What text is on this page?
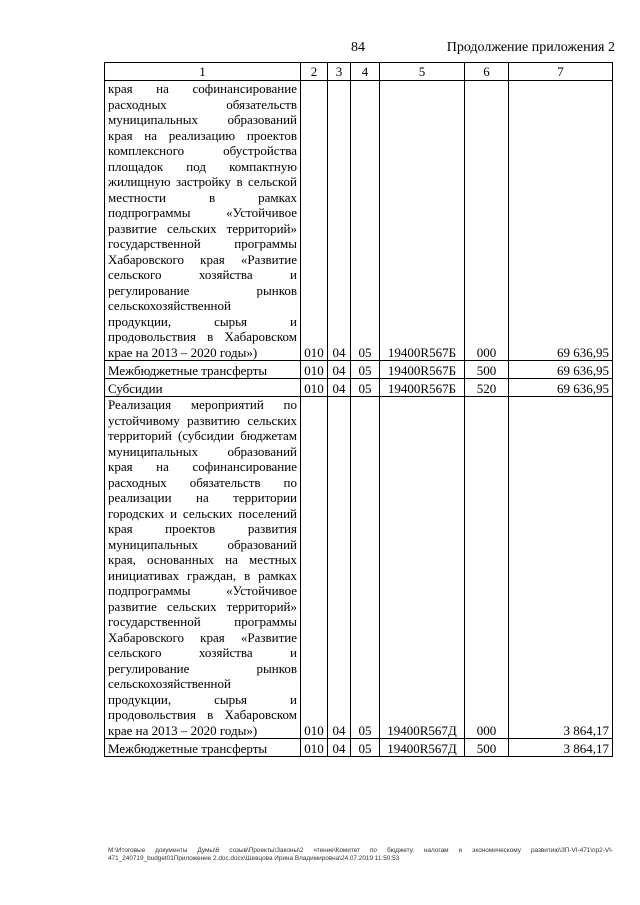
84	Продолжение приложения 2
1	2	3	4	5	6	7
края на софинансирование расходных обязательств муниципальных образований края на реализацию проектов комплексного обустройства площадок под компактную жилищную застройку в сельской местности в рамках подпрограммы «Устойчивое развитие сельских территорий» государственной программы Хабаровского края «Развитие сельского хозяйства и регулирование рынков сельскохозяйственной продукции, сырья и продовольствия в Хабаровском крае на 2013 – 2020 годы»)	010	04	05	19400R567Б	000	69 636,95
Межбюджетные трансферты	010	04	05	19400R567Б	500	69 636,95
Субсидии	010	04	05	19400R567Б	520	69 636,95
Реализация мероприятий по устойчивому развитию сельских территорий (субсидии бюджетам муниципальных образований края на софинансирование расходных обязательств по реализации на территории городских и сельских поселений края проектов развития муниципальных образований края, основанных на местных инициативах граждан, в рамках подпрограммы «Устойчивое развитие сельских территорий» государственной программы Хабаровского края «Развитие сельского хозяйства и регулирование рынков сельскохозяйственной продукции, сырья и продовольствия в Хабаровском крае на 2013 – 2020 годы»)	010	04	05	19400R567Д	000	3 864,17
Межбюджетные трансферты	010	04	05	19400R567Д	500	3 864,17
М:\Итоговые документы Думы\6 созыв\Проекты\Законы\2 чтение\Комитет по бюджету, налогам и экономическому развитию\ЗП-VI-471\пр2-VI-471_240719_budget01Приложение 2.doc.docx\Шевцова Ирина Владимировна\24.07.2019 11:50:53
